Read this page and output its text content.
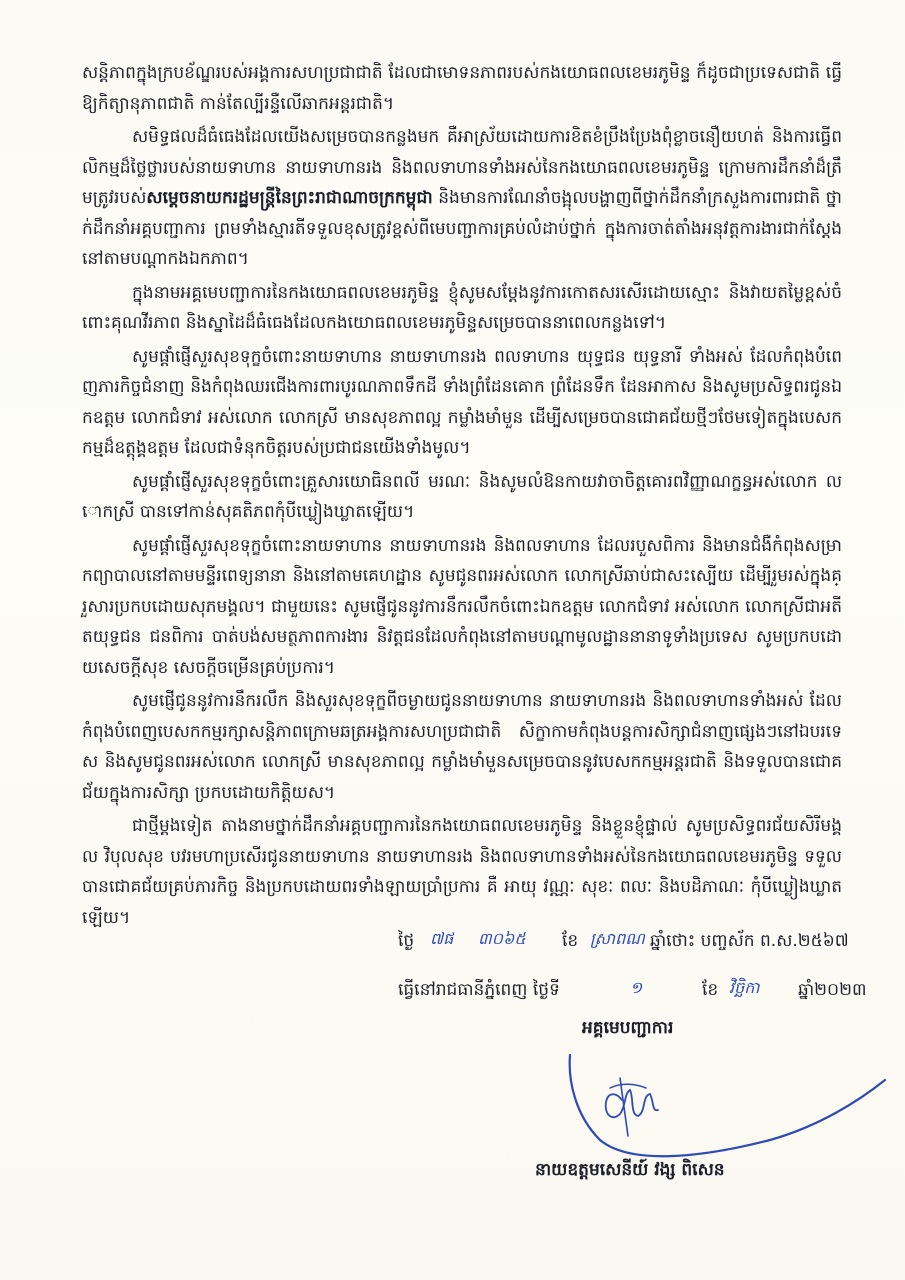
សន្តិភាពក្នុងក្របខ័ណ្ឌរបស់អង្គការសហប្រជាជាតិ ដែលជាមោទនភាពរបស់កងយោធពលខេមរភូមិន្ទ ក៏ដូចជាប្រទេសជាតិ ធ្វើឱ្យកិត្យានុភាពជាតិ កាន់តែល្បីរន្ទឺលើឆាកអន្តរជាតិ។

សមិទ្ធផលដ៏ធំធេងដែលយើងសម្រេចបានកន្លងមក គឺអាស្រ័យដោយការខិតខំប្រឹងប្រែងពុំខ្លាចនឿយហត់ និងការធ្វើពលិកម្មដ៏ថ្លៃថ្លារបស់នាយទាហាន នាយទាហានរង និងពលទាហានទាំងអស់នៃកងយោធពលខេមរភូមិន្ទ ក្រោមការដឹកនាំដ៏ត្រឹមត្រូវរបស់សម្តេចនាយករដ្ឋមន្ត្រីនៃព្រះរាជាណាចក្រកម្ពុជា និងមានការណែនាំចង្អុលបង្ហាញពីថ្នាក់ដឹកនាំក្រសួងការពារជាតិ ថ្នាក់ដឹកនាំអគ្គបញ្ជាការ ព្រមទាំងស្មារតីទទួលខុសត្រូវខ្ពស់ពីមេបញ្ជាការគ្រប់លំដាប់ថ្នាក់ ក្នុងការចាត់តាំងអនុវត្តការងារជាក់ស្តែងនៅតាមបណ្តាកងឯកភាព។

ក្នុងនាមអគ្គមេបញ្ជាការនៃកងយោធពលខេមរភូមិន្ទ ខ្ញុំសូមសម្តែងនូវការកោតសរសើរដោយស្មោះ និងវាយតម្លៃខ្ពស់ចំពោះគុណវីរភាព និងស្នាដៃដ៏ធំធេងដែលកងយោធពលខេមរភូមិន្ទសម្រេចបាននាពេលកន្លងទៅ។

សូមផ្តាំផ្ញើសួរសុខទុក្ខចំពោះនាយទាហាន នាយទាហានរង ពលទាហាន យុទ្ធជន យុទ្ធនារី ទាំងអស់ ដែលកំពុងបំពេញភារកិច្ចជំនាញ និងកំពុងឈរជើងការពារបូរណភាពទឹកដី ទាំងព្រំដែនគោក ព្រំដែនទឹក ដែនអាកាស និងសូមប្រសិទ្ធពរជូនឯកឧត្តម លោកជំទាវ អស់លោក លោកស្រី មានសុខភាពល្អ កម្លាំងមាំមួន ដើម្បីសម្រេចបានជោគជ័យថ្មីៗថែមទៀតក្នុងបេសកកម្មដ៏ឧត្តុង្គឧត្តម ដែលជាទំនុកចិត្តរបស់ប្រជាជនយើងទាំងមូល។

សូមផ្តាំផ្ញើសួរសុខទុក្ខចំពោះគ្រួសារយោធិនពលី មរណៈ និងសូមលំឱនកាយវាចាចិត្តគោរពវិញ្ញាណក្ខន្ធអស់លោក លោកស្រី បានទៅកាន់សុគតិភពកុំបីឃ្លៀងឃ្លាតឡើយ។

សូមផ្តាំផ្ញើសួរសុខទុក្ខចំពោះនាយទាហាន នាយទាហានរង និងពលទាហាន ដែលរបួសពិការ និងមានជំងឺកំពុងសម្រាកព្យាបាលនៅតាមមន្ទីរពេទ្យនានា និងនៅតាមគេហដ្ឋាន សូមជូនពរអស់លោក លោកស្រីឆាប់ជាសះស្បើយ ដើម្បីរួមរស់ក្នុងគ្រួសារប្រកបដោយសុភមង្គល។ ជាមួយនេះ សូមផ្ញើជូននូវការនឹករលឹកចំពោះឯកឧត្តម លោកជំទាវ អស់លោក លោកស្រីជាអតីតយុទ្ធជន ជនពិការ បាត់បង់សមត្ថភាពការងារ និវត្តជនដែលកំពុងនៅតាមបណ្តាមូលដ្ឋាននានាទូទាំងប្រទេស សូមប្រកបដោយសេចក្តីសុខ សេចក្តីចម្រើនគ្រប់ប្រការ។

សូមផ្ញើជូននូវការនឹករលឹក និងសួរសុខទុក្ខពីចម្ងាយជូននាយទាហាន នាយទាហានរង និងពលទាហានទាំងអស់ ដែលកំពុងបំពេញបេសកកម្មរក្សាសន្តិភាពក្រោមឆត្រអង្គការសហប្រជាជាតិ សិក្ខាកាមកំពុងបន្តការសិក្សាជំនាញផ្សេងៗនៅឯបរទេស និងសូមជូនពរអស់លោក លោកស្រី មានសុខភាពល្អ កម្លាំងមាំមួនសម្រេចបាននូវបេសកកម្មអន្តរជាតិ និងទទួលបានជោគជ័យក្នុងការសិក្សា ប្រកបដោយកិត្តិយស។

ជាថ្មីម្តងទៀត តាងនាមថ្នាក់ដឹកនាំអគ្គបញ្ជាការនៃកងយោធពលខេមរភូមិន្ទ និងខ្លួនខ្ញុំផ្ទាល់ សូមប្រសិទ្ធពរជ័យសិរីមង្គល វិបុលសុខ បវរមហាប្រសើរជូននាយទាហាន នាយទាហានរង និងពលទាហានទាំងអស់នៃកងយោធពលខេមរភូមិន្ទ ទទួលបានជោគជ័យគ្រប់ភារកិច្ច និងប្រកបដោយពរទាំងឡាយប្រាំប្រការ គឺ អាយុ វណ្ណៈ សុខៈ ពលៈ និងបដិភាណៈ កុំបីឃ្លៀងឃ្លាតឡើយ។

ថ្ងៃ ៧ផ ៣០៦៥ ខែ ស្រាពណ ឆ្នាំថោះ បញ្ចស័ក ព.ស.២៥៦៧
ធ្វើនៅរាជធានីភ្នំពេញ ថ្ងៃទី	១	ខែ វិច្ឆិកា ឆ្នាំ២០២៣
អគ្គមេបញ្ជាការ
នាយឧត្តមសេនីយ៍ វង្ស ពិសេន
